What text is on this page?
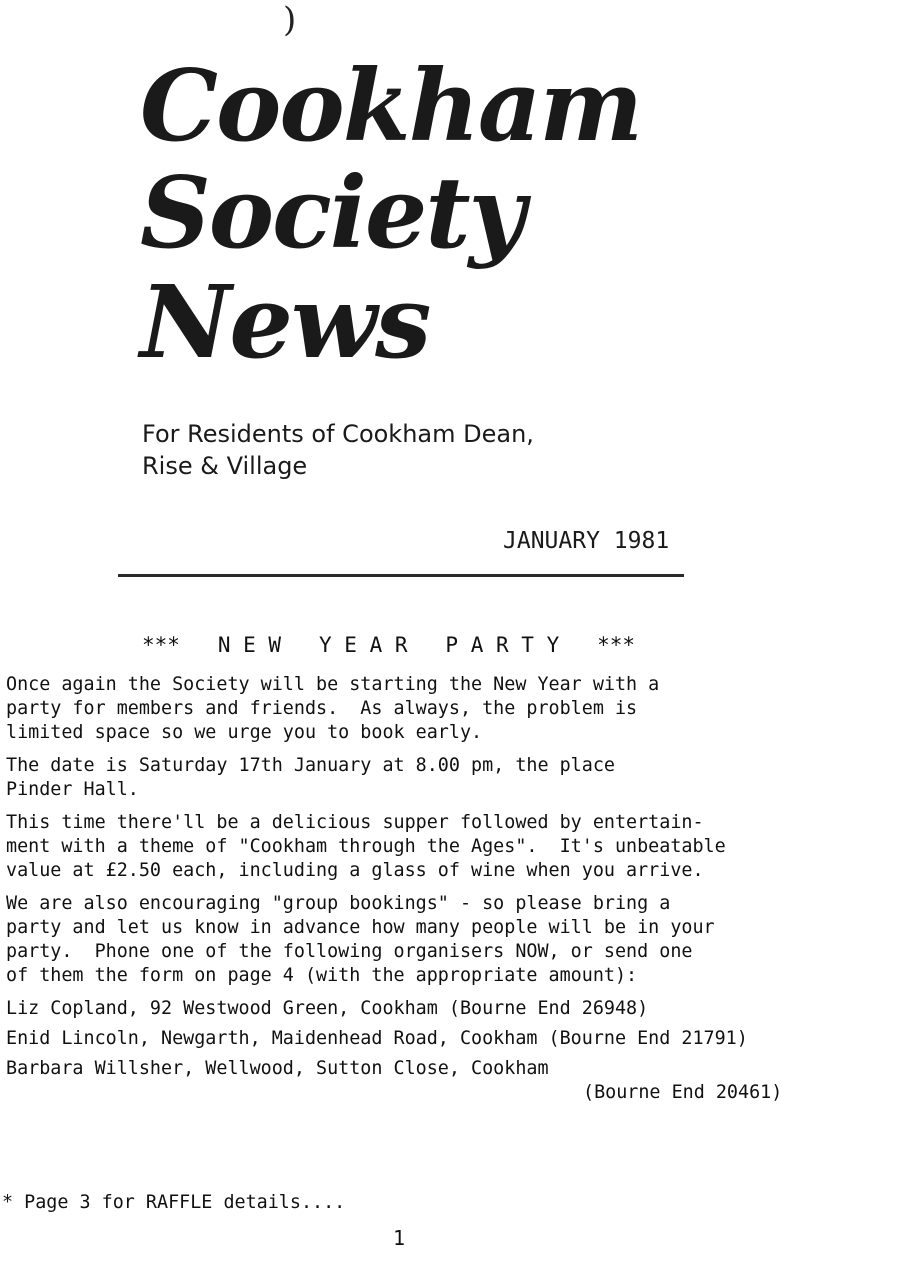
)
Cookham
Society
News
For Residents of Cookham Dean,
Rise & Village
JANUARY 1981
***   N E W   Y E A R   P A R T Y   ***

Once again the Society will be starting the New Year with a
party for members and friends.  As always, the problem is
limited space so we urge you to book early.

The date is Saturday 17th January at 8.00 pm, the place
Pinder Hall.

This time there'll be a delicious supper followed by entertain-
ment with a theme of "Cookham through the Ages".  It's unbeatable
value at £2.50 each, including a glass of wine when you arrive.

We are also encouraging "group bookings" - so please bring a
party and let us know in advance how many people will be in your
party.  Phone one of the following organisers NOW, or send one
of them the form on page 4 (with the appropriate amount):

Liz Copland, 92 Westwood Green, Cookham (Bourne End 26948)
Enid Lincoln, Newgarth, Maidenhead Road, Cookham (Bourne End 21791)
Barbara Willsher, Wellwood, Sutton Close, Cookham
(Bourne End 20461)
* Page 3 for RAFFLE details....
1
